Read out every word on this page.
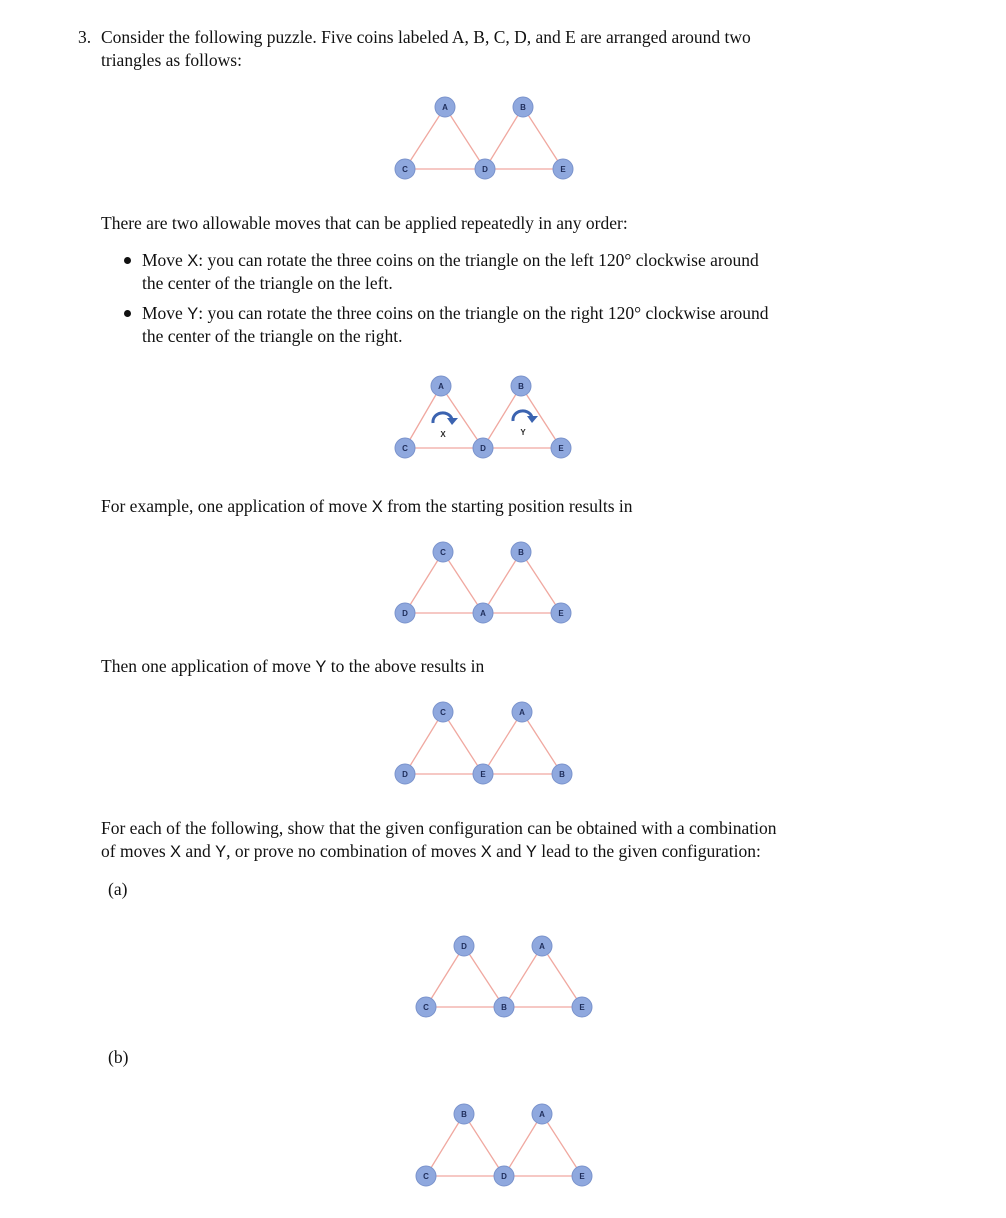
3. Consider the following puzzle. Five coins labeled A, B, C, D, and E are arranged around two
triangles as follows:
A	B
C	D	E
There are two allowable moves that can be applied repeatedly in any order:
Move X: you can rotate the three coins on the triangle on the left 120° clockwise around
the center of the triangle on the left.
Move Y: you can rotate the three coins on the triangle on the right 120° clockwise around
the center of the triangle on the right.
X	Y
A	B
C	D	E
For example, one application of move X from the starting position results in
C	B
D	A	E
Then one application of move Y to the above results in
C	A
D	E	B
For each of the following, show that the given configuration can be obtained with a combination
of moves X and Y, or prove no combination of moves X and Y lead to the given configuration:
(a)
D	A
C	B	E
(b)
B	A
C	D	E
